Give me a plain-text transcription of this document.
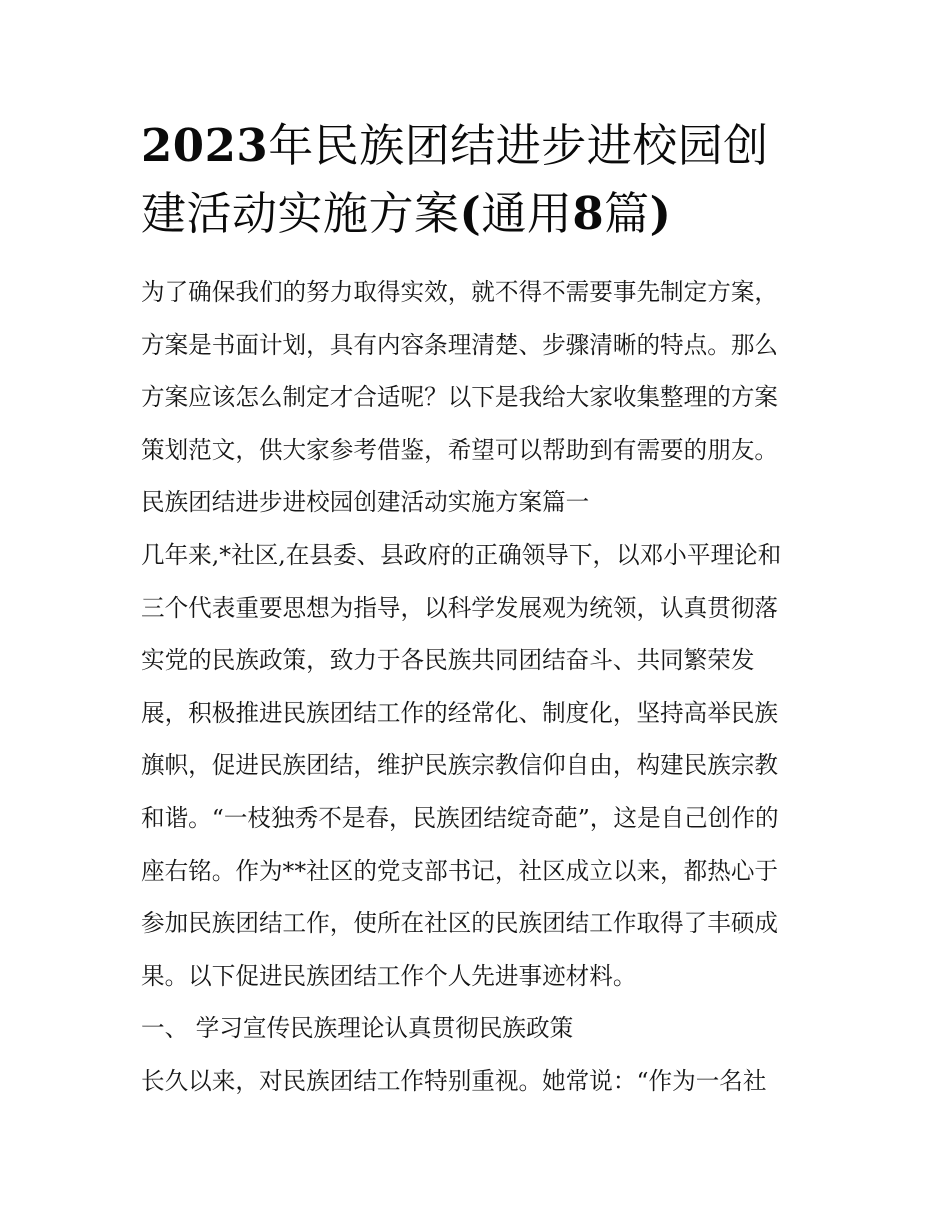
2023年民族团结进步进校园创
建活动实施方案(通用8篇)
为了确保我们的努力取得实效，就不得不需要事先制定方案，
方案是书面计划，具有内容条理清楚、步骤清晰的特点。那么
方案应该怎么制定才合适呢？以下是我给大家收集整理的方案
策划范文，供大家参考借鉴，希望可以帮助到有需要的朋友。
民族团结进步进校园创建活动实施方案篇一
几年来,*社区,在县委、县政府的正确领导下，以邓小平理论和
三个代表重要思想为指导，以科学发展观为统领，认真贯彻落
实党的民族政策，致力于各民族共同团结奋斗、共同繁荣发
展，积极推进民族团结工作的经常化、制度化，坚持高举民族
旗帜，促进民族团结，维护民族宗教信仰自由，构建民族宗教
和谐。“一枝独秀不是春，民族团结绽奇葩”，这是自己创作的
座右铭。作为**社区的党支部书记，社区成立以来，都热心于
参加民族团结工作，使所在社区的民族团结工作取得了丰硕成
果。以下促进民族团结工作个人先进事迹材料。
一、 学习宣传民族理论认真贯彻民族政策
长久以来，对民族团结工作特别重视。她常说：“作为一名社
